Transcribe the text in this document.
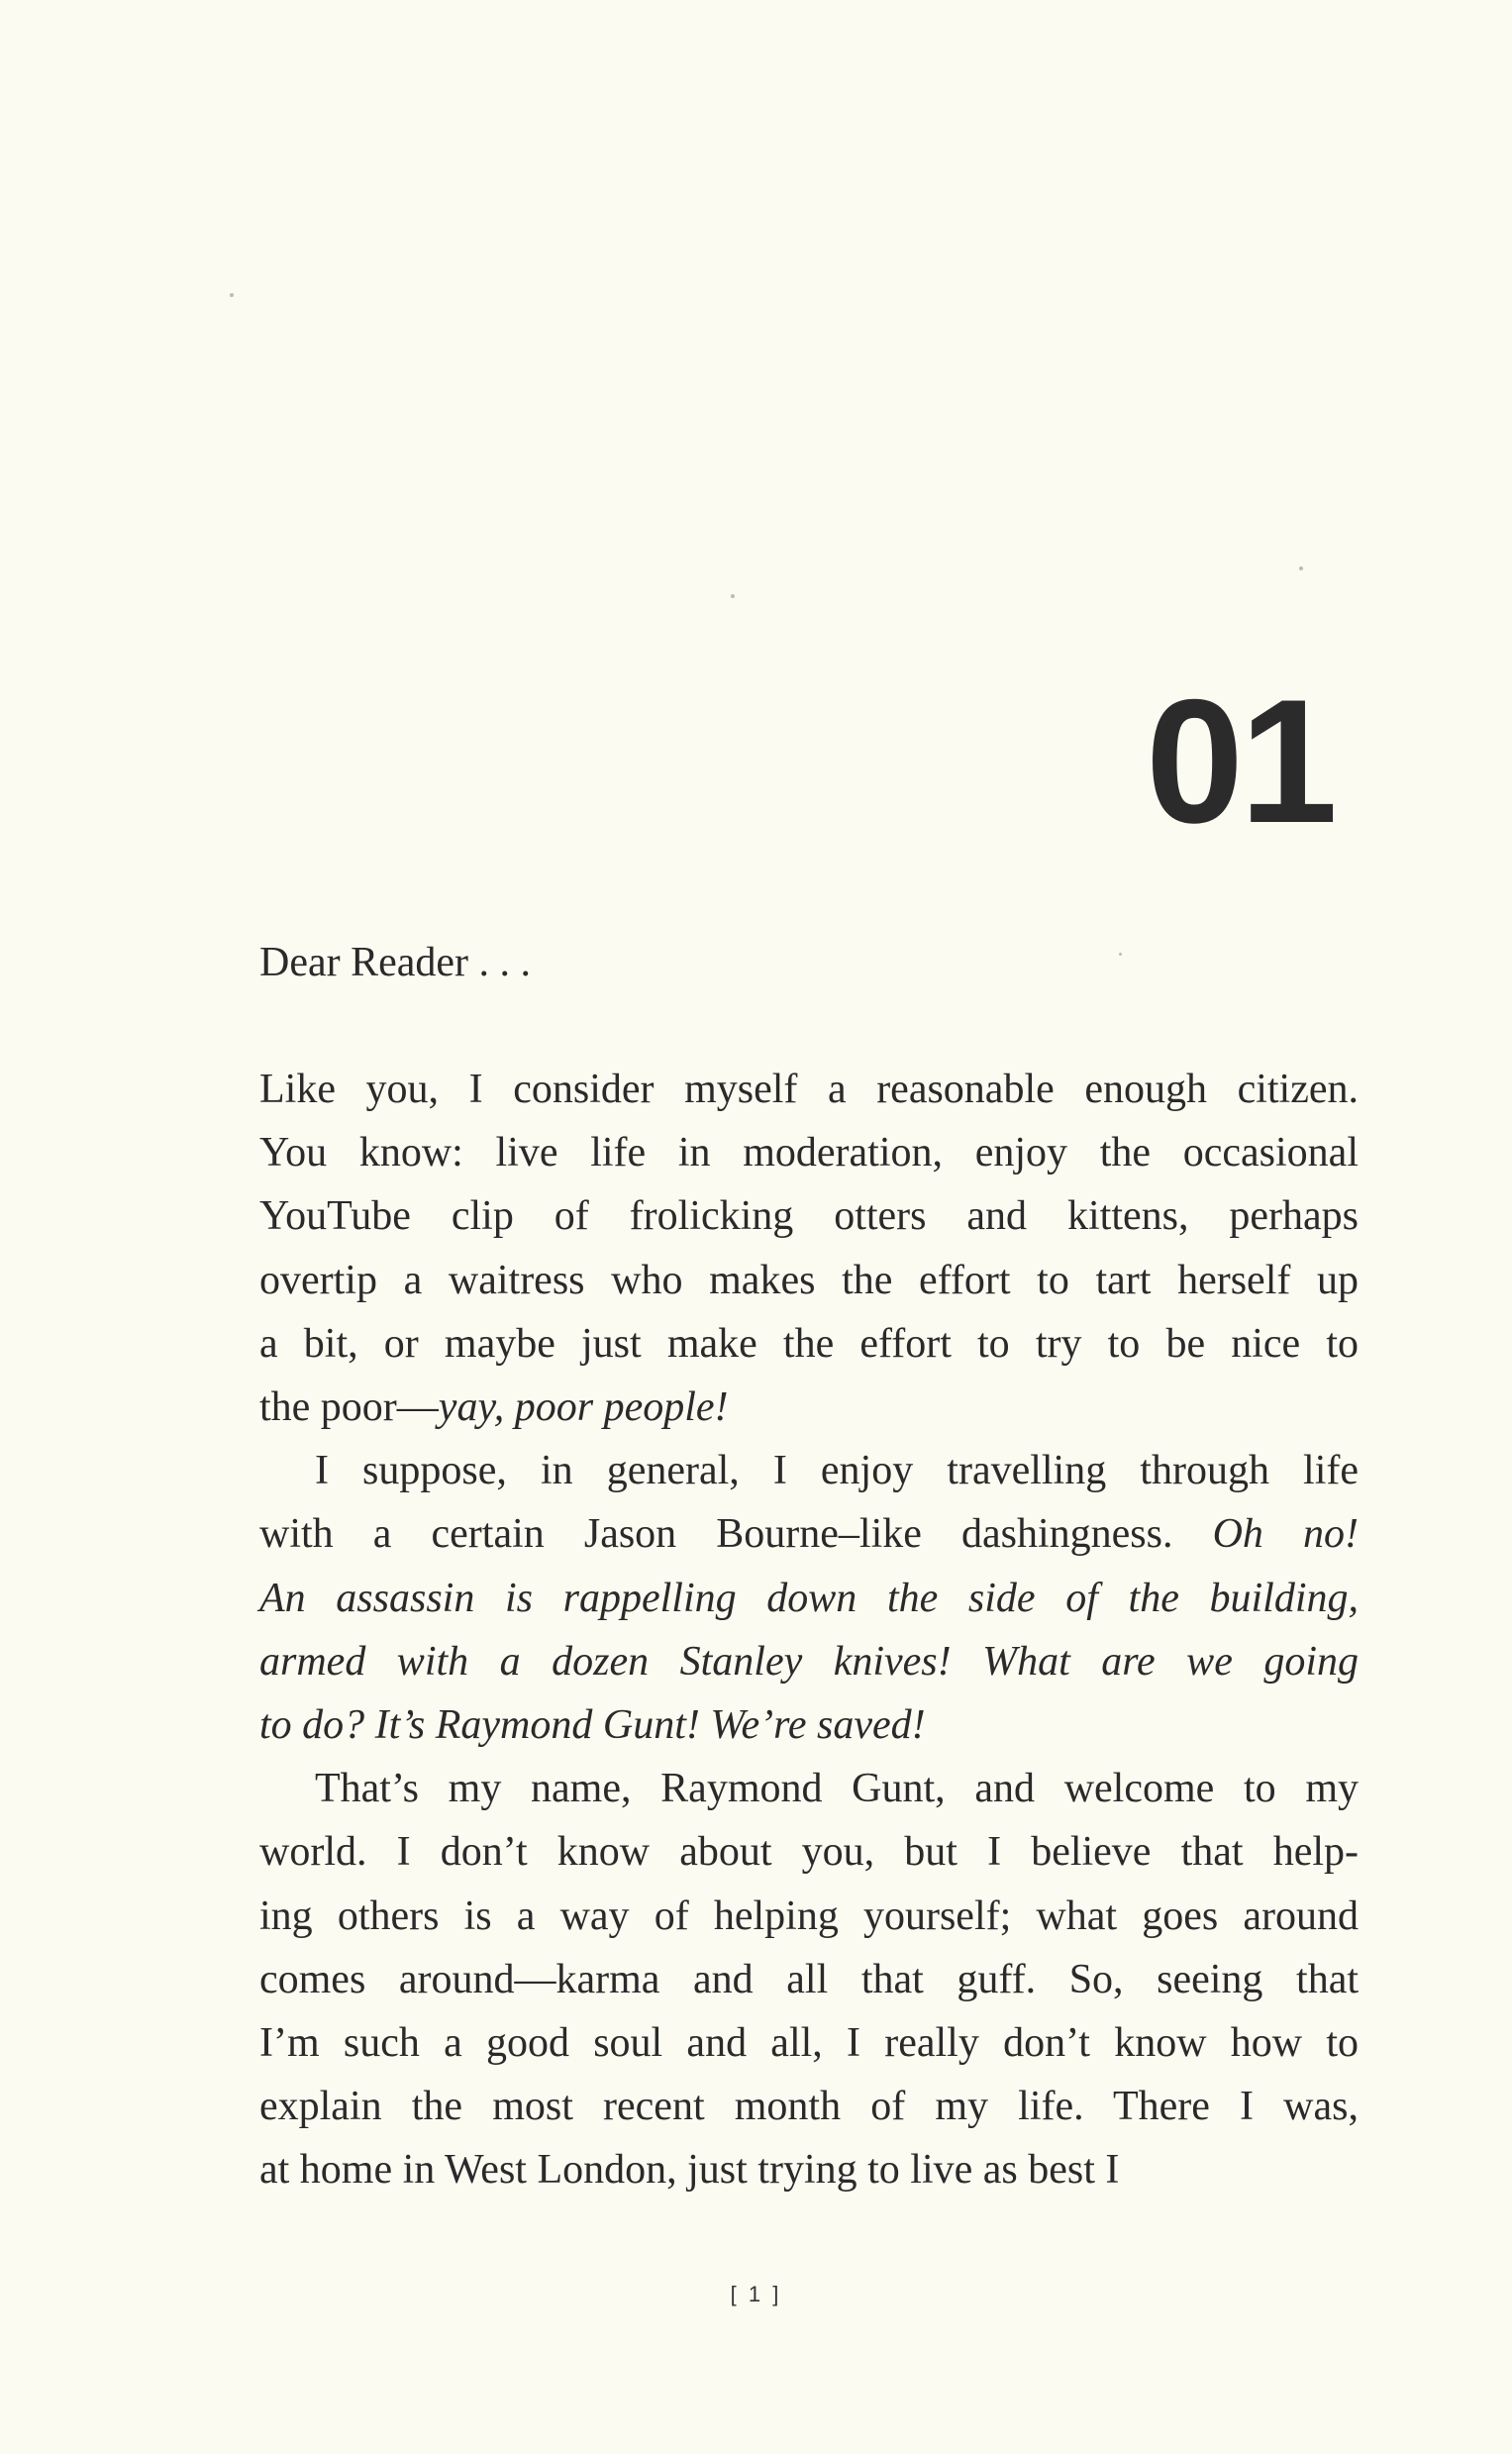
01

Dear Reader . . .

Like you, I consider myself a reasonable enough citizen.
You know: live life in moderation, enjoy the occasional
YouTube clip of frolicking otters and kittens, perhaps
overtip a waitress who makes the effort to tart herself up
a bit, or maybe just make the effort to try to be nice to
the poor—yay, poor people!
I suppose, in general, I enjoy travelling through life
with a certain Jason Bourne–like dashingness. Oh no!
An assassin is rappelling down the side of the building,
armed with a dozen Stanley knives! What are we going
to do? It’s Raymond Gunt! We’re saved!
That’s my name, Raymond Gunt, and welcome to my
world. I don’t know about you, but I believe that help-
ing others is a way of helping yourself; what goes around
comes around—karma and all that guff. So, seeing that
I’m such a good soul and all, I really don’t know how to
explain the most recent month of my life. There I was,
at home in West London, just trying to live as best I

[ 1 ]
